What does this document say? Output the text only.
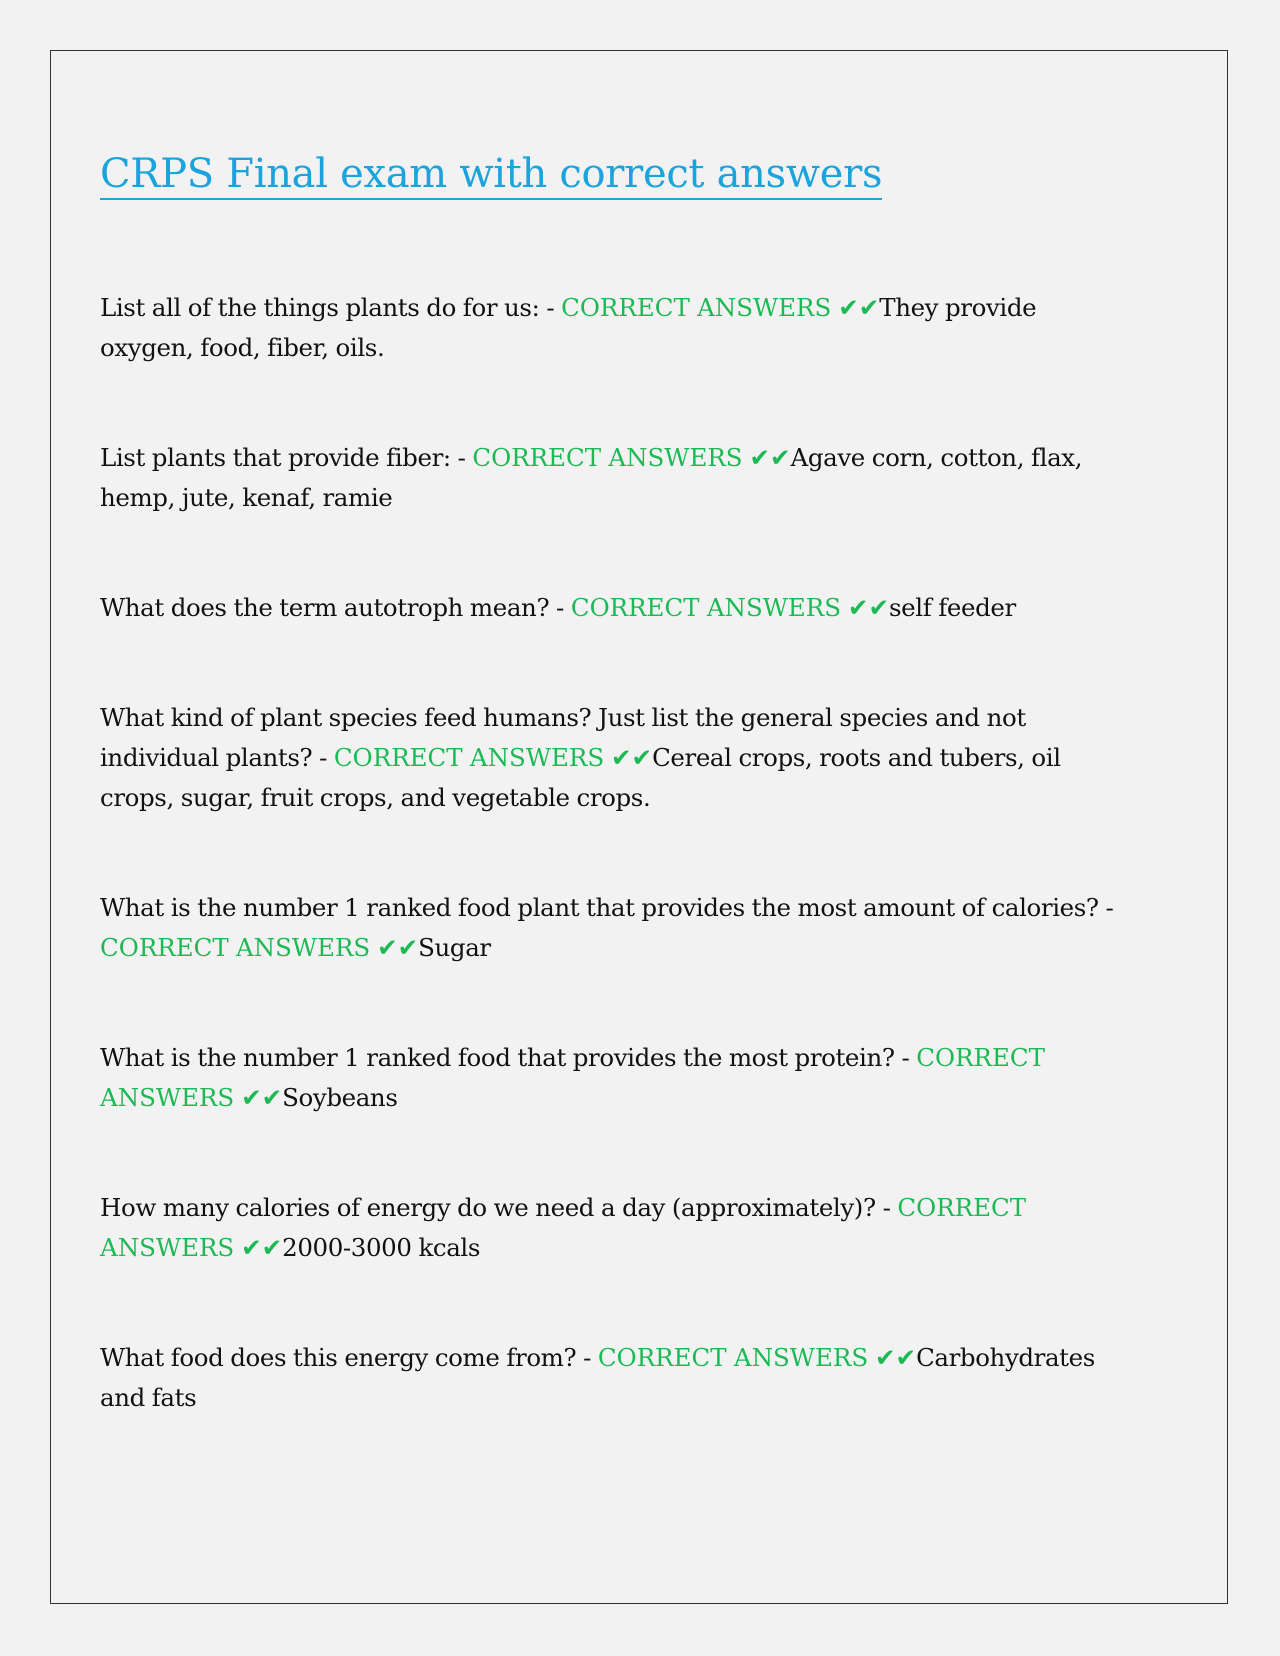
CRPS Final exam with correct answers

List all of the things plants do for us: - CORRECT ANSWERS ✔✔They provide oxygen, food, fiber, oils.

List plants that provide fiber: - CORRECT ANSWERS ✔✔Agave corn, cotton, flax, hemp, jute, kenaf, ramie

What does the term autotroph mean? - CORRECT ANSWERS ✔✔self feeder

What kind of plant species feed humans? Just list the general species and not individual plants? - CORRECT ANSWERS ✔✔Cereal crops, roots and tubers, oil crops, sugar, fruit crops, and vegetable crops.

What is the number 1 ranked food plant that provides the most amount of calories? - CORRECT ANSWERS ✔✔Sugar

What is the number 1 ranked food that provides the most protein? - CORRECT ANSWERS ✔✔Soybeans

How many calories of energy do we need a day (approximately)? - CORRECT ANSWERS ✔✔2000-3000 kcals

What food does this energy come from? - CORRECT ANSWERS ✔✔Carbohydrates and fats
